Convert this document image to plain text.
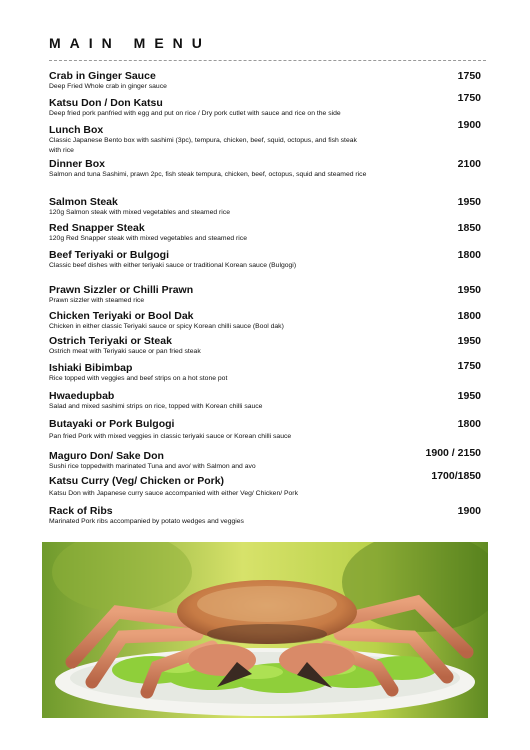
MAIN MENU
Crab in Ginger Sauce
Deep Fried Whole crab in ginger sauce
1750
Katsu Don / Don Katsu
Deep fried pork panfried with egg and put on rice / Dry pork cutlet with sauce and rice on the side
1750
Lunch Box
Classic Japanese Bento box with sashimi (3pc), tempura, chicken, beef, squid, octopus, and fish steak with rice
1900
Dinner Box
Salmon and tuna Sashimi, prawn 2pc, fish steak tempura, chicken, beef, octopus, squid and steamed rice
2100
Salmon Steak
120g Salmon steak with mixed vegetables and steamed rice
1950
Red Snapper Steak
120g Red Snapper steak with mixed vegetables and steamed rice
1850
Beef Teriyaki or Bulgogi
Classic beef dishes with either teriyaki sauce or traditional Korean sauce (Bulgogi)
1800
Prawn Sizzler or Chilli Prawn
Prawn sizzler with steamed rice
1950
Chicken Teriyaki or Bool Dak
Chicken in either classic Teriyaki sauce or spicy Korean chilli sauce (Bool dak)
1800
Ostrich Teriyaki or Steak
Ostrich meat with Teriyaki sauce or pan fried steak
1950
Ishiaki Bibimbap
Rice topped with veggies and beef strips on a hot stone pot
1750
Hwaedupbab
Salad and mixed sashimi strips on rice, topped with Korean chilli sauce
1950
Butayaki or Pork Bulgogi
Pan fried Pork with mixed veggies in classic teriyaki sauce or Korean chilli sauce
1800
Maguro Don/ Sake Don
Sushi rice toppedwith marinated Tuna and avo/ with Salmon and avo
1900 / 2150
Katsu Curry (Veg/ Chicken or Pork)
Katsu Don with Japanese curry sauce accompanied with either Veg/ Chicken/ Pork
1700/1850
Rack of Ribs
Marinated Pork ribs accompanied by potato wedges and veggies
1900
